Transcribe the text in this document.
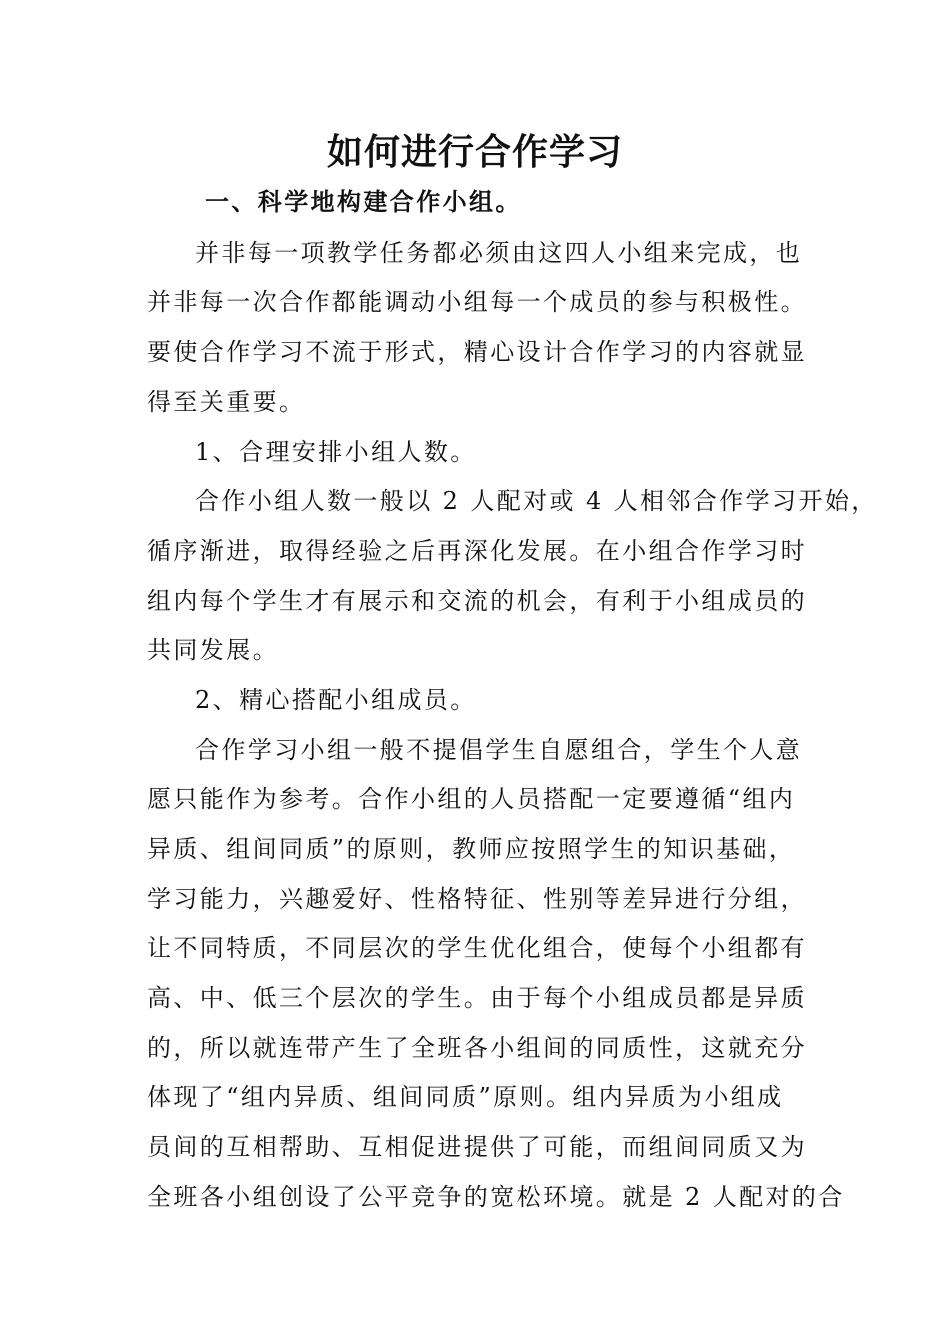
如何进行合作学习
一、科学地构建合作小组。
并非每一项教学任务都必须由这四人小组来完成，也
并非每一次合作都能调动小组每一个成员的参与积极性。
要使合作学习不流于形式，精心设计合作学习的内容就显
得至关重要。
1、合理安排小组人数。
合作小组人数一般以 2 人配对或 4 人相邻合作学习开始，
循序渐进，取得经验之后再深化发展。在小组合作学习时
组内每个学生才有展示和交流的机会，有利于小组成员的
共同发展。
2、精心搭配小组成员。
合作学习小组一般不提倡学生自愿组合，学生个人意
愿只能作为参考。合作小组的人员搭配一定要遵循“组内
异质、组间同质”的原则，教师应按照学生的知识基础，
学习能力，兴趣爱好、性格特征、性别等差异进行分组，
让不同特质，不同层次的学生优化组合，使每个小组都有
高、中、低三个层次的学生。由于每个小组成员都是异质
的，所以就连带产生了全班各小组间的同质性，这就充分
体现了“组内异质、组间同质”原则。组内异质为小组成
员间的互相帮助、互相促进提供了可能，而组间同质又为
全班各小组创设了公平竞争的宽松环境。就是 2 人配对的合
